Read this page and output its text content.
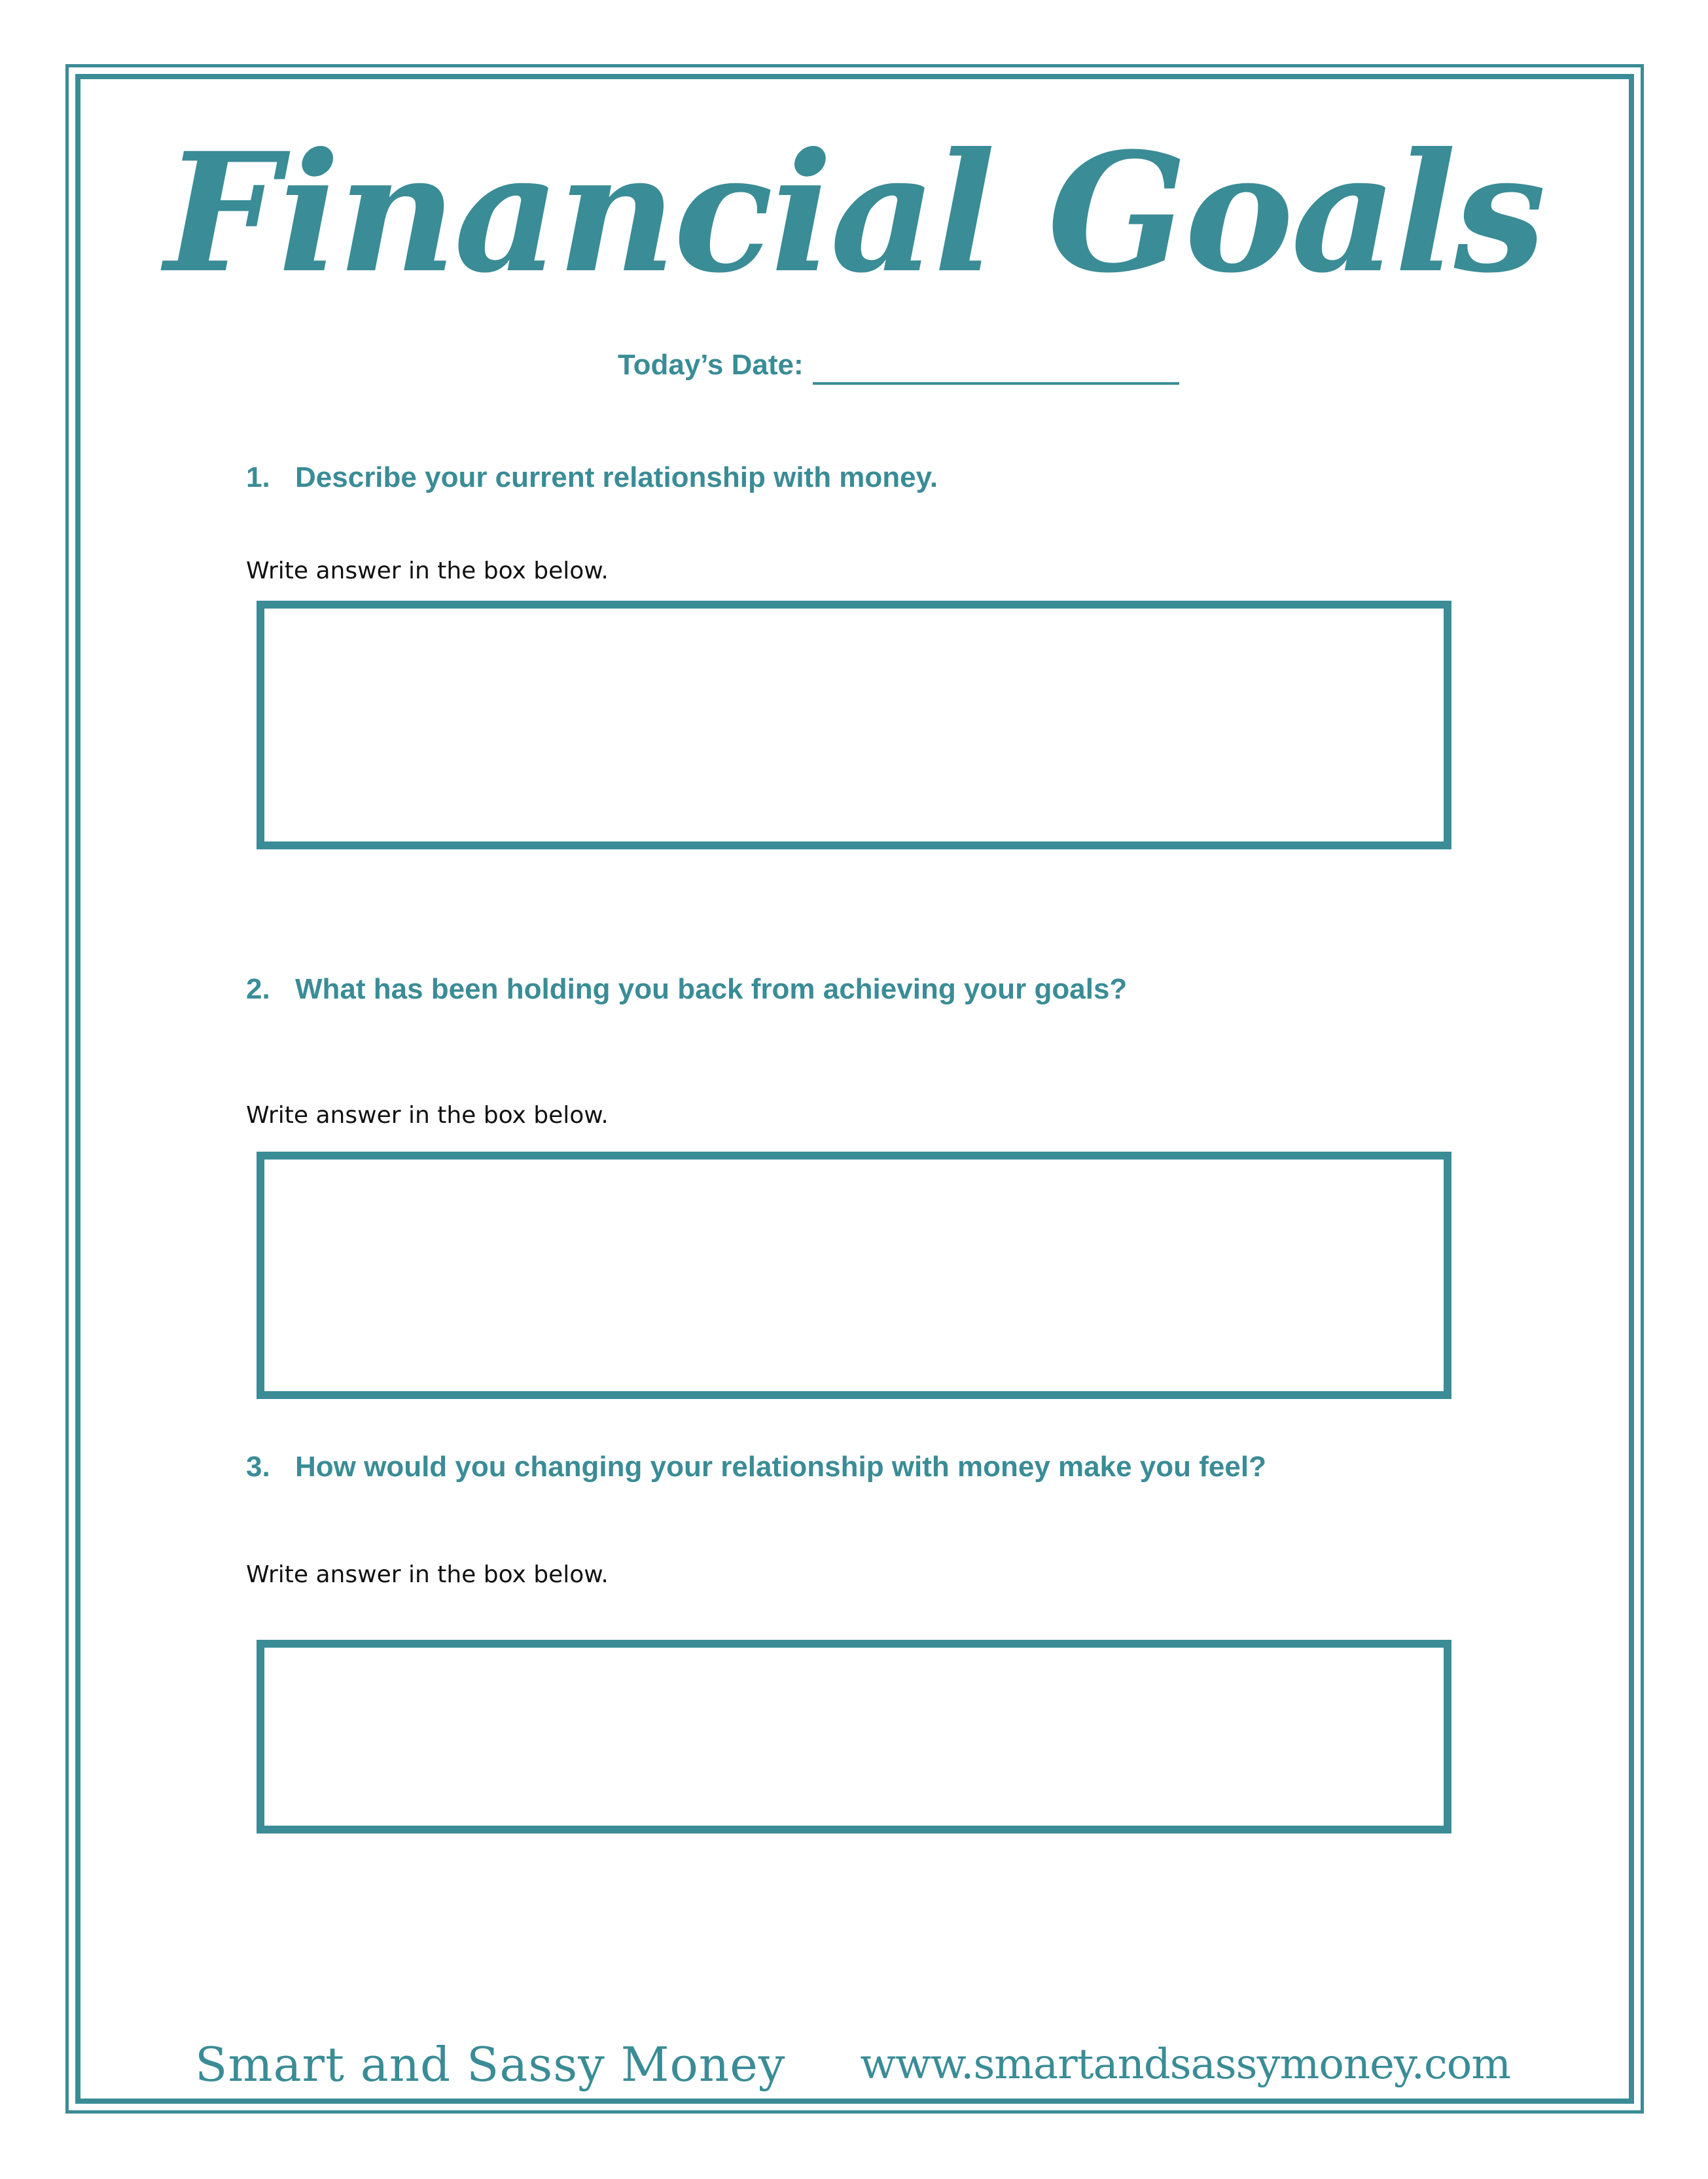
Financial Goals
Today’s Date:
1. Describe your current relationship with money.
Write answer in the box below.
2. What has been holding you back from achieving your goals?
Write answer in the box below.
3. How would you changing your relationship with money make you feel?
Write answer in the box below.
Smart and Sassy Money www.smartandsassymoney.com
